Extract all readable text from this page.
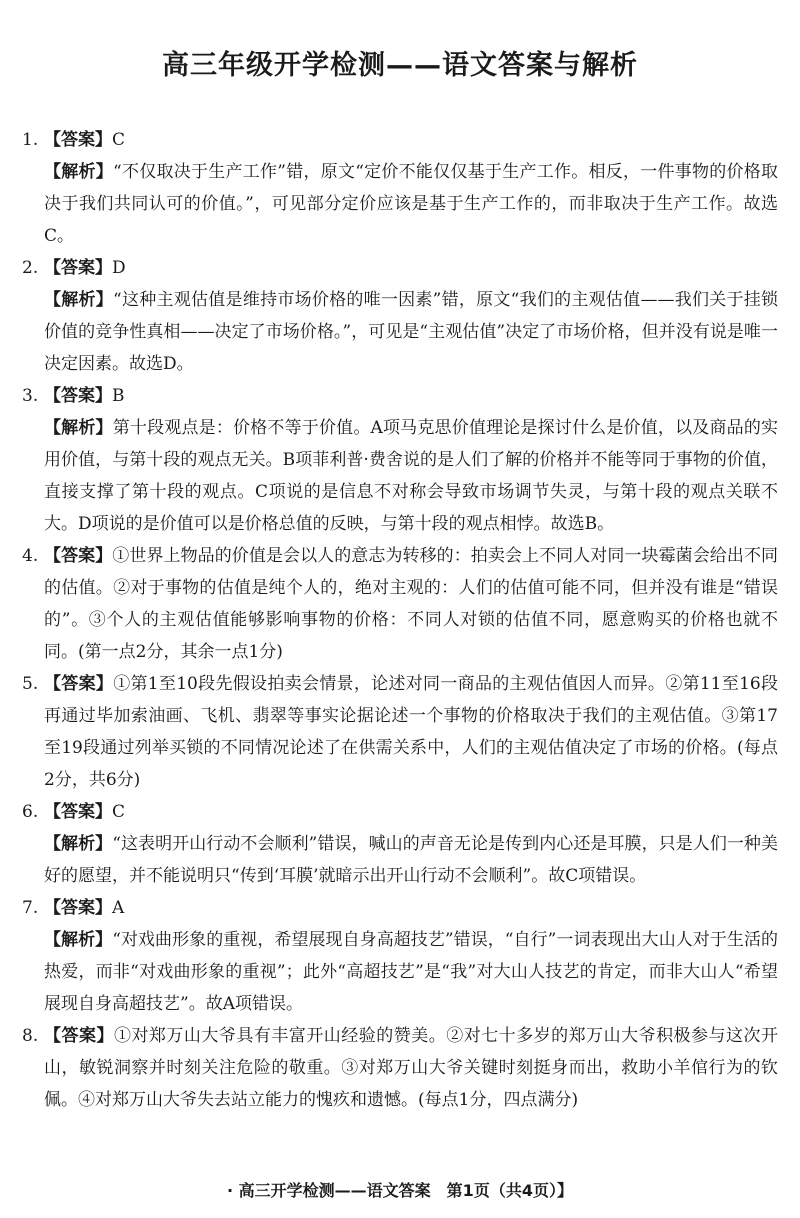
高三年级开学检测——语文答案与解析
1. 【答案】C
【解析】“不仅取决于生产工作”错，原文“定价不能仅仅基于生产工作。相反，一件事物的价格取决于我们共同认可的价值。”，可见部分定价应该是基于生产工作的，而非取决于生产工作。故选C。
2. 【答案】D
【解析】“这种主观估值是维持市场价格的唯一因素”错，原文“我们的主观估值——我们关于挂锁价值的竞争性真相——决定了市场价格。”，可见是“主观估值”决定了市场价格，但并没有说是唯一决定因素。故选D。
3. 【答案】B
【解析】第十段观点是：价格不等于价值。A项马克思价值理论是探讨什么是价值，以及商品的实用价值，与第十段的观点无关。B项菲利普·费舍说的是人们了解的价格并不能等同于事物的价值，直接支撑了第十段的观点。C项说的是信息不对称会导致市场调节失灵，与第十段的观点关联不大。D项说的是价值可以是价格总值的反映，与第十段的观点相悖。故选B。
4. 【答案】①世界上物品的价值是会以人的意志为转移的：拍卖会上不同人对同一块霉菌会给出不同的估值。②对于事物的估值是纯个人的，绝对主观的：人们的估值可能不同，但并没有谁是“错误的”。③个人的主观估值能够影响事物的价格：不同人对锁的估值不同，愿意购买的价格也就不同。(第一点2分，其余一点1分)
5. 【答案】①第1至10段先假设拍卖会情景，论述对同一商品的主观估值因人而异。②第11至16段再通过毕加索油画、飞机、翡翠等事实论据论述一个事物的价格取决于我们的主观估值。③第17至19段通过列举买锁的不同情况论述了在供需关系中，人们的主观估值决定了市场的价格。(每点2分，共6分)
6. 【答案】C
【解析】“这表明开山行动不会顺利”错误，喊山的声音无论是传到内心还是耳膜，只是人们一种美好的愿望，并不能说明只“传到‘耳膜’就暗示出开山行动不会顺利”。故C项错误。
7. 【答案】A
【解析】“对戏曲形象的重视，希望展现自身高超技艺”错误，“自行”一词表现出大山人对于生活的热爱，而非“对戏曲形象的重视”；此外“高超技艺”是“我”对大山人技艺的肯定，而非大山人“希望展现自身高超技艺”。故A项错误。
8. 【答案】①对郑万山大爷具有丰富开山经验的赞美。②对七十多岁的郑万山大爷积极参与这次开山，敏锐洞察并时刻关注危险的敬重。③对郑万山大爷关键时刻挺身而出，救助小羊倌行为的钦佩。④对郑万山大爷失去站立能力的愧疚和遗憾。(每点1分，四点满分)
· 高三开学检测——语文答案　第1页（共4页）】
